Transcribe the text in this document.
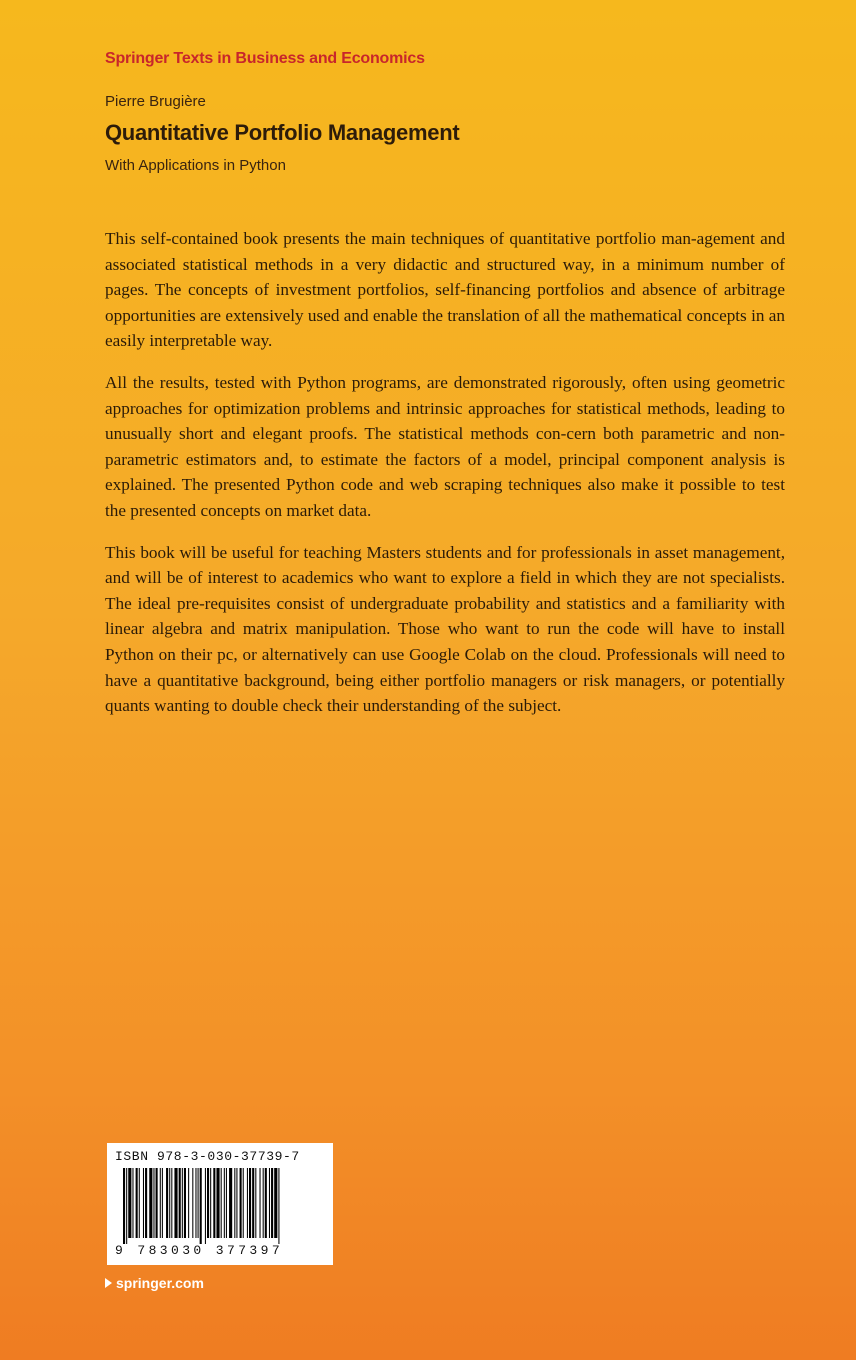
Springer Texts in Business and Economics
Pierre Brugière
Quantitative Portfolio Management
With Applications in Python

This self-contained book presents the main techniques of quantitative portfolio man-agement and associated statistical methods in a very didactic and structured way, in a minimum number of pages. The concepts of investment portfolios, self-financing portfolios and absence of arbitrage opportunities are extensively used and enable the translation of all the mathematical concepts in an easily interpretable way.

All the results, tested with Python programs, are demonstrated rigorously, often using geometric approaches for optimization problems and intrinsic approaches for statistical methods, leading to unusually short and elegant proofs. The statistical methods con-cern both parametric and non-parametric estimators and, to estimate the factors of a model, principal component analysis is explained. The presented Python code and web scraping techniques also make it possible to test the presented concepts on market data.

This book will be useful for teaching Masters students and for professionals in asset management, and will be of interest to academics who want to explore a field in which they are not specialists. The ideal pre-requisites consist of undergraduate probability and statistics and a familiarity with linear algebra and matrix manipulation. Those who want to run the code will have to install Python on their pc, or alternatively can use Google Colab on the cloud. Professionals will need to have a quantitative background, being either portfolio managers or risk managers, or potentially quants wanting to double check their understanding of the subject.

ISBN 978-3-030-37739-7
9 783030 377397
springer.com
